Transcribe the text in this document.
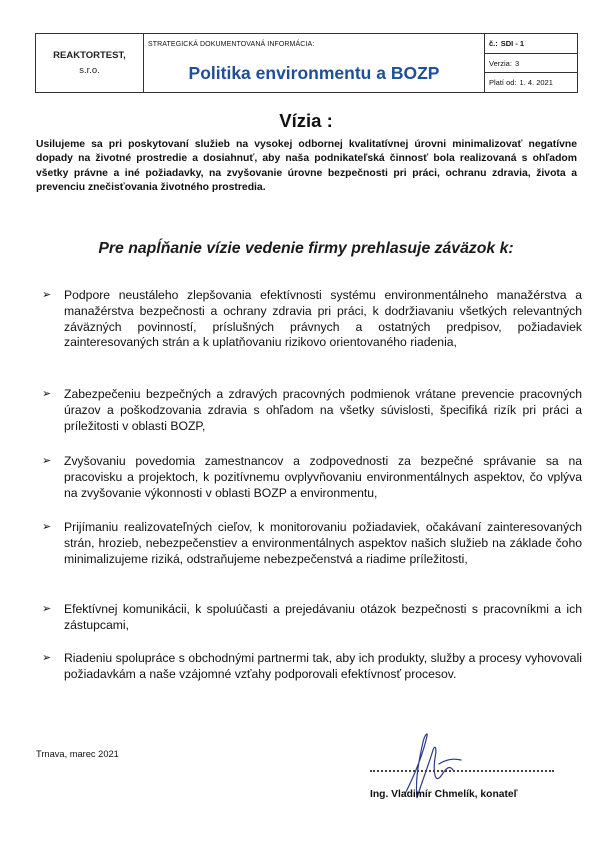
REAKTORTEST,
s.r.o.
STRATEGICKÁ DOKUMENTOVANÁ INFORMÁCIA:
Politika environmentu a BOZP
č.: SDI - 1
Verzia: 3
Platí od: 1. 4. 2021
Vízia :
Usilujeme sa pri poskytovaní služieb na vysokej odbornej kvalitatívnej úrovni minimalizovať negatívne dopady na životné prostredie a dosiahnuť, aby naša podnikateľská činnosť bola realizovaná s ohľadom všetky právne a iné požiadavky, na zvyšovanie úrovne bezpečnosti pri práci, ochranu zdravia, života a prevenciu znečisťovania životného prostredia.
Pre napĺňanie vízie vedenie firmy prehlasuje záväzok k:
➢	Podpore neustáleho zlepšovania efektívnosti systému environmentálneho manažérstva a manažérstva bezpečnosti a ochrany zdravia pri práci, k dodržiavaniu všetkých relevantných záväzných povinností, príslušných právnych a ostatných predpisov, požiadaviek zainteresovaných strán a k uplatňovaniu rizikovo orientovaného riadenia,
➢	Zabezpečeniu bezpečných a zdravých pracovných podmienok vrátane prevencie pracovných úrazov a poškodzovania zdravia s ohľadom na všetky súvislosti, špecifiká rizík pri práci a príležitosti v oblasti BOZP,
➢	Zvyšovaniu povedomia zamestnancov a zodpovednosti za bezpečné správanie sa na pracovisku a projektoch, k pozitívnemu ovplyvňovaniu environmentálnych aspektov, čo vplýva na zvyšovanie výkonnosti v oblasti BOZP a environmentu,
➢	Prijímaniu realizovateľných cieľov, k monitorovaniu požiadaviek, očakávaní zainteresovaných strán, hrozieb, nebezpečenstiev a environmentálnych aspektov našich služieb na základe čoho minimalizujeme riziká, odstraňujeme nebezpečenstvá a riadime príležitosti,
➢	Efektívnej komunikácii, k spoluúčasti a prejedávaniu otázok bezpečnosti s pracovníkmi a ich zástupcami,
➢	Riadeniu spolupráce s obchodnými partnermi tak, aby ich produkty, služby a procesy vyhovovali požiadavkám a naše vzájomné vzťahy podporovali efektívnosť procesov.
Trnava, marec 2021
Ing. Vladimír Chmelík, konateľ
